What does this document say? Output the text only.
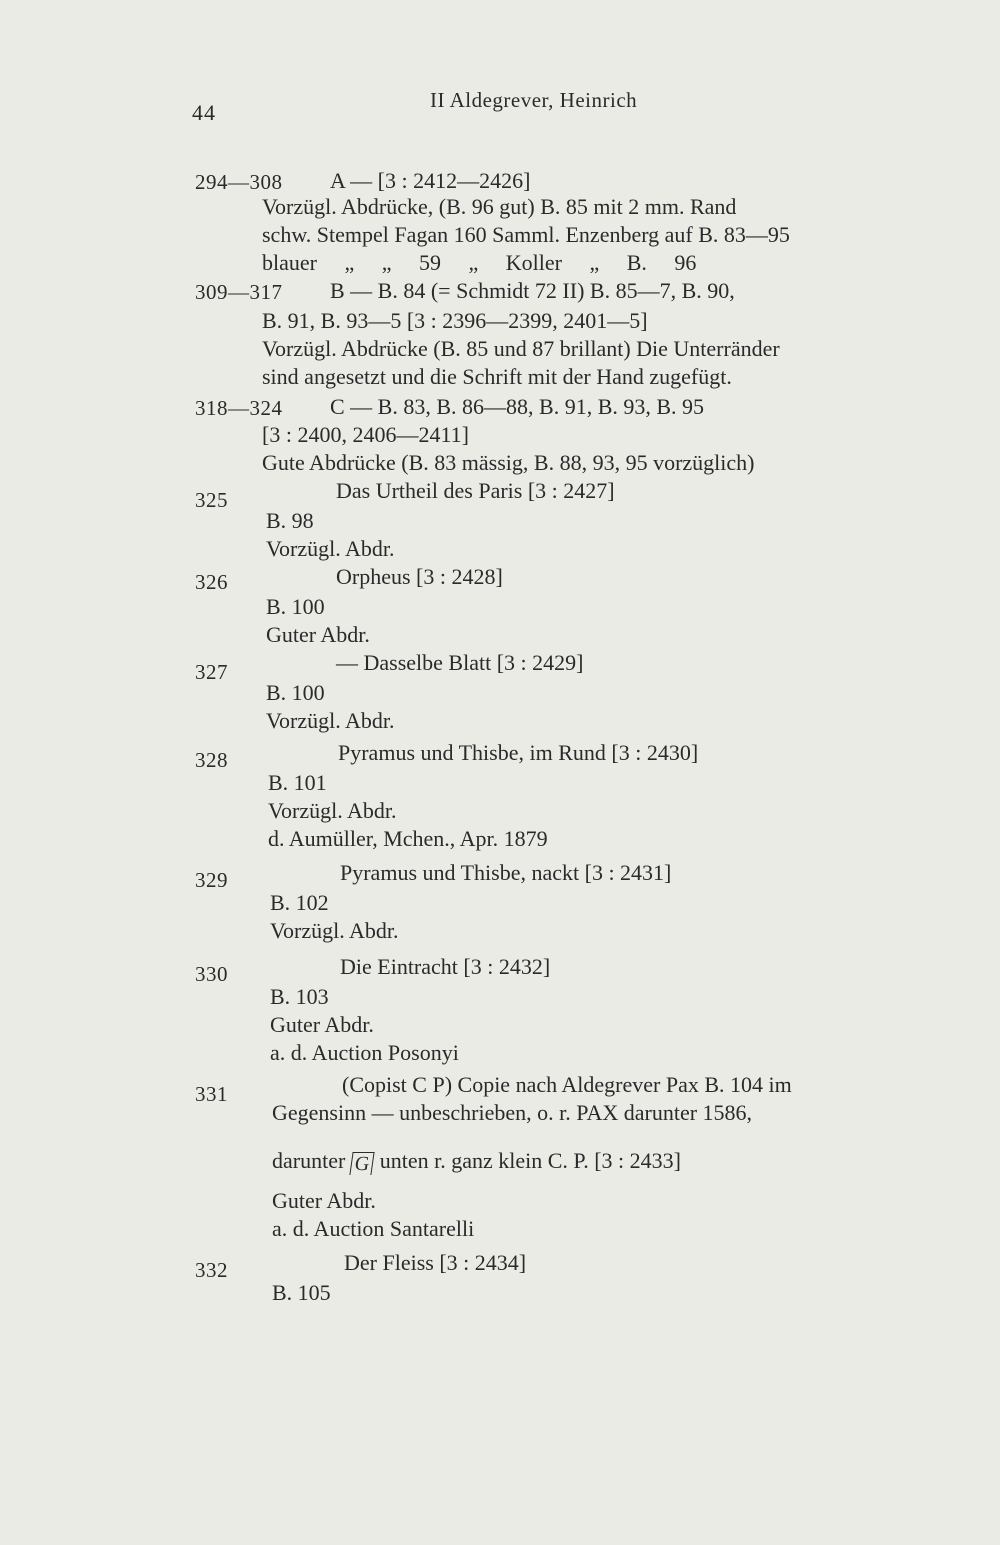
44	II Aldegrever, Heinrich
294—308 A — [3 : 2412—2426]
Vorzügl. Abdrücke, (B. 96 gut) B. 85 mit 2 mm. Rand
schw. Stempel Fagan 160 Samml. Enzenberg auf B. 83—95
blauer „ „ 59 „ Koller „ B. 96
309—317 B — B. 84 (= Schmidt 72 II) B. 85—7, B. 90,
B. 91, B. 93—5 [3 : 2396—2399, 2401—5]
Vorzügl. Abdrücke (B. 85 und 87 brillant) Die Unterränder
sind angesetzt und die Schrift mit der Hand zugefügt.
318—324 C — B. 83, B. 86—88, B. 91, B. 93, B. 95
[3 : 2400, 2406—2411]
Gute Abdrücke (B. 83 mässig, B. 88, 93, 95 vorzüglich)
325	Das Urtheil des Paris [3 : 2427]
B. 98
Vorzügl. Abdr.
326	Orpheus [3 : 2428]
B. 100
Guter Abdr.
327	— Dasselbe Blatt [3 : 2429]
B. 100
Vorzügl. Abdr.
328	Pyramus und Thisbe, im Rund [3 : 2430]
B. 101
Vorzügl. Abdr.
d. Aumüller, Mchen., Apr. 1879
329	Pyramus und Thisbe, nackt [3 : 2431]
B. 102
Vorzügl. Abdr.
330	Die Eintracht [3 : 2432]
B. 103
Guter Abdr.
a. d. Auction Posonyi
331	(Copist C P) Copie nach Aldegrever Pax B. 104 im
Gegensinn — unbeschrieben, o. r. PAX darunter 1586,
darunter G unten r. ganz klein C. P. [3 : 2433]
Guter Abdr.
a. d. Auction Santarelli
332	Der Fleiss [3 : 2434]
B. 105
